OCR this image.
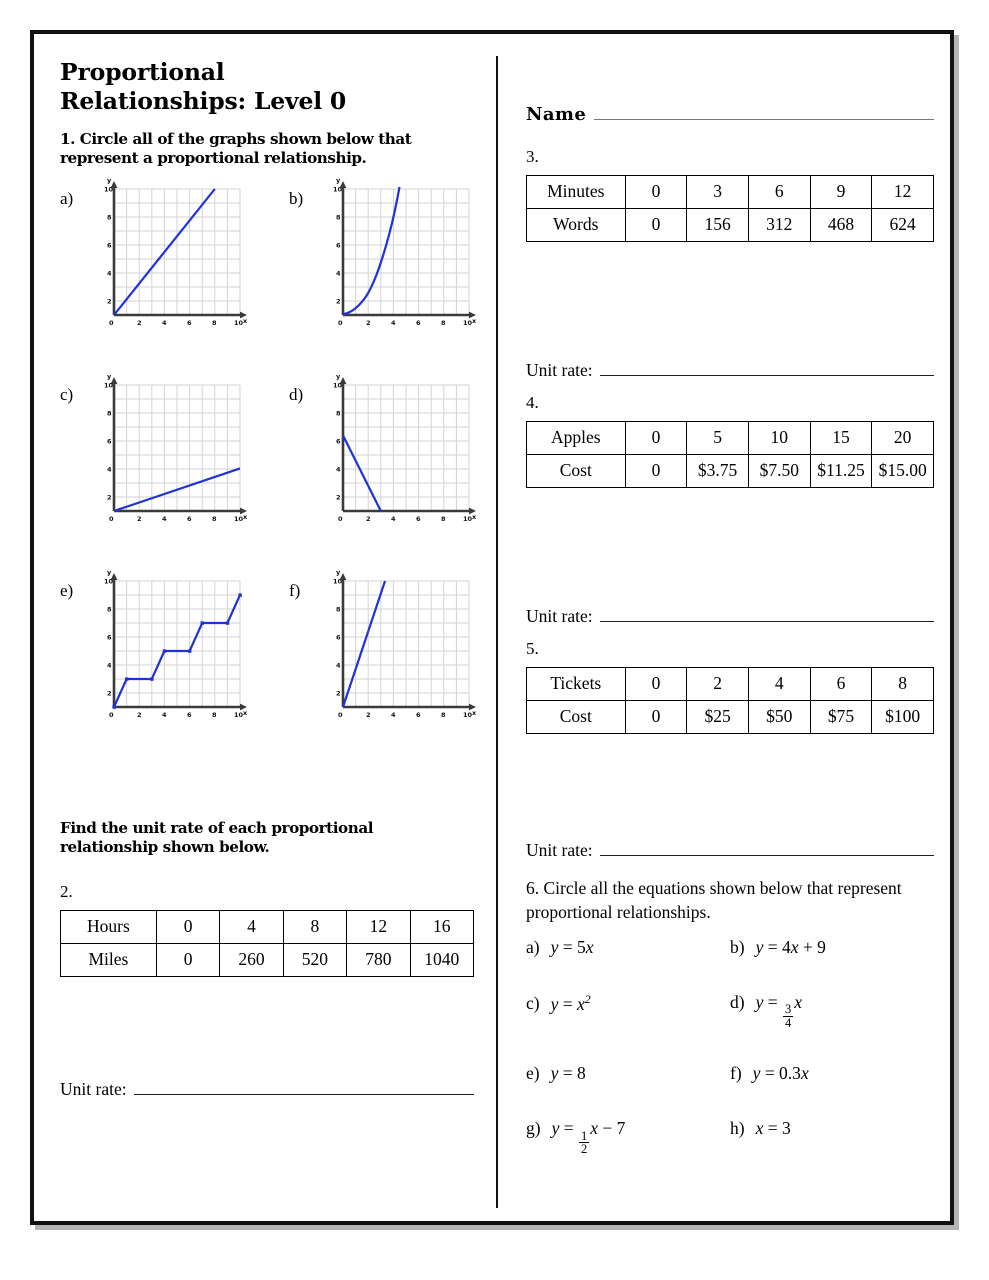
Proportional
Relationships: Level 0

1. Circle all of the graphs shown below that represent a proportional relationship.

a)
y
x
10
8
6
4
2
0	2	4	6	8	10
b)
y
x
10
8
6
4
2
0	2	4	6	8	10
c)
y
x
10
8
6
4
2
0	2	4	6	8	10
d)
y
x
10
8
6
4
2
0	2	4	6	8	10
e)
y
x
10
8
6
4
2
0	2	4	6	8	10
f)
y
x
10
8
6
4
2
0	2	4	6	8	10

Find the unit rate of each proportional relationship shown below.

2.

Hours	0	4	8	12	16
Miles	0	260	520	780	1040
Unit rate:
Name

3.

Minutes	0	3	6	9	12
Words	0	156	312	468	624
Unit rate:

4.

Apples	0	5	10	15	20
Cost	0	$3.75	$7.50	$11.25	$15.00
Unit rate:

5.

Tickets	0	2	4	6	8
Cost	0	$25	$50	$75	$100
Unit rate:

6. Circle all the equations shown below that represent proportional relationships.

a) y = 5x	b) y = 4x + 9
c) $y = x^2$	d) y =
$\frac{3}{4}$
x
e) y = 8	f) y = 0.3x
g) y =
$\frac{1}{2}$
x − 7	h) x = 3
